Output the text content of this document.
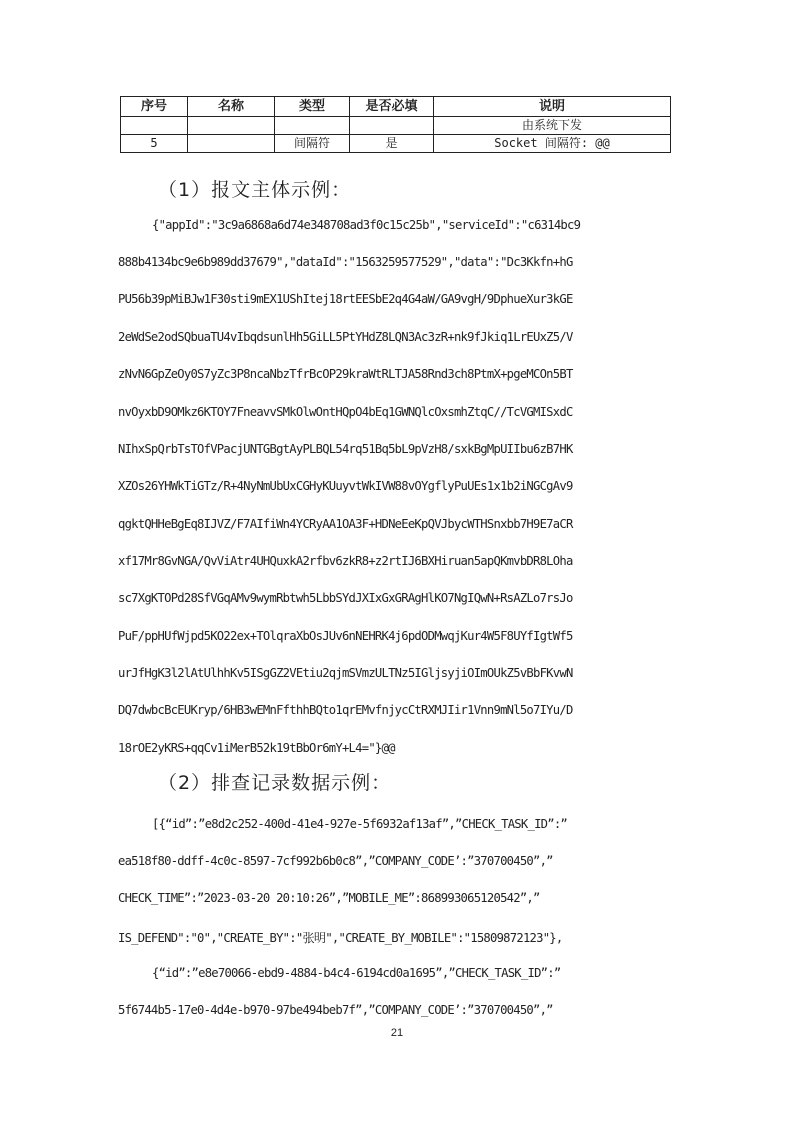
序号	名称	类型	是否必填	说明
				由系统下发
5		间隔符	是	Socket 间隔符: @@
（1）报文主体示例：
{"appId":"3c9a6868a6d74e348708ad3f0c15c25b","serviceId":"c6314bc9
888b4134bc9e6b989dd37679","dataId":"1563259577529","data":"Dc3Kkfn+hG
PU56b39pMiBJw1F30sti9mEX1UShItej18rtEESbE2q4G4aW/GA9vgH/9DphueXur3kGE
2eWdSe2odSQbuaTU4vIbqdsunlHh5GiLL5PtYHdZ8LQN3Ac3zR+nk9fJkiq1LrEUxZ5/V
zNvN6GpZeOy0S7yZc3P8ncaNbzTfrBcOP29kraWtRLTJA58Rnd3ch8PtmX+pgeMCOn5BT
nvOyxbD9OMkz6KTOY7FneavvSMkOlwOntHQpO4bEq1GWNQlcOxsmhZtqC//TcVGMISxdC
NIhxSpQrbTsTOfVPacjUNTGBgtAyPLBQL54rq51Bq5bL9pVzH8/sxkBgMpUIIbu6zB7HK
XZOs26YHWkTiGTz/R+4NyNmUbUxCGHyKUuyvtWkIVW88vOYgflyPuUEs1x1b2iNGCgAv9
qgktQHHeBgEq8IJVZ/F7AIfiWn4YCRyAA1OA3F+HDNeEeKpQVJbycWTHSnxbb7H9E7aCR
xf17Mr8GvNGA/QvViAtr4UHQuxkA2rfbv6zkR8+z2rtIJ6BXHiruan5apQKmvbDR8LOha
sc7XgKTOPd28SfVGqAMv9wymRbtwh5LbbSYdJXIxGxGRAgHlKO7NgIQwN+RsAZLo7rsJo
PuF/ppHUfWjpd5KO22ex+TOlqraXbOsJUv6nNEHRK4j6pdODMwqjKur4W5F8UYfIgtWf5
urJfHgK3l2lAtUlhhKv5ISgGZ2VEtiu2qjmSVmzULTNz5IGljsyjiOImOUkZ5vBbFKvwN
DQ7dwbcBcEUKryp/6HB3wEMnFfthhBQto1qrEMvfnjycCtRXMJIir1Vnn9mNl5o7IYu/D
18rOE2yKRS+qqCv1iMerB52k19tBbOr6mY+L4="}@@
（2）排查记录数据示例：
[{“id”:”e8d2c252-400d-41e4-927e-5f6932af13af”,”CHECK_TASK_ID”:”
ea518f80-ddff-4c0c-8597-7cf992b6b0c8”,”COMPANY_CODE’:”370700450”,”
CHECK_TIME”:”2023-03-20 20:10:26”,”MOBILE_ME”:868993065120542”,”
IS_DEFEND":"0","CREATE_BY":"张明","CREATE_BY_MOBILE":"15809872123"},
{“id”:”e8e70066-ebd9-4884-b4c4-6194cd0a1695”,”CHECK_TASK_ID”:”
5f6744b5-17e0-4d4e-b970-97be494beb7f”,”COMPANY_CODE’:”370700450”,”
21
